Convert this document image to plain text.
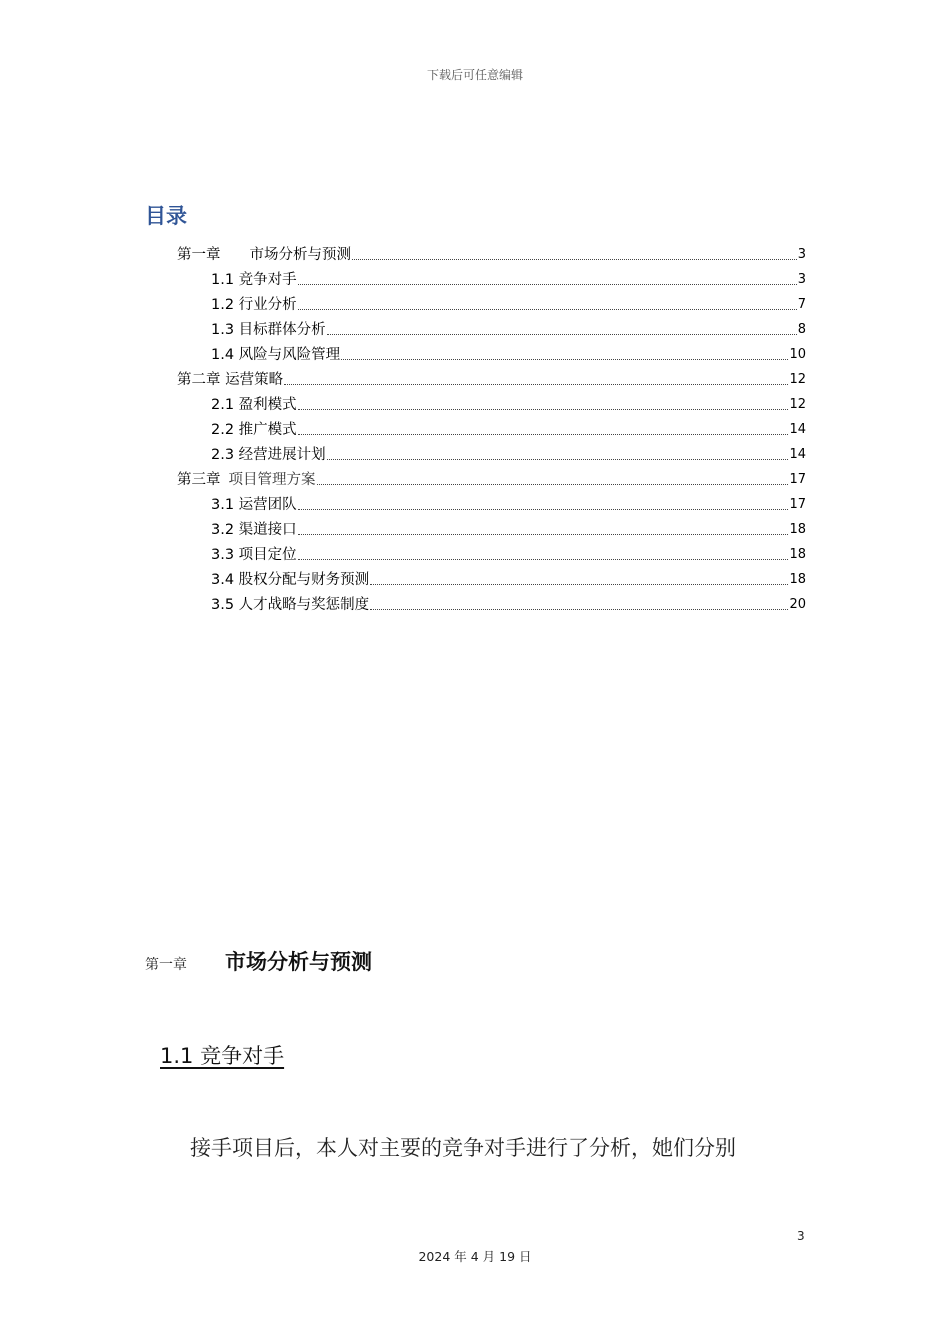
下载后可任意编辑
目录
第一章　　市场分析与预测	3
1.1 竞争对手	3
1.2 行业分析	7
1.3 目标群体分析	8
1.4 风险与风险管理	10
第二章 运营策略	12
2.1 盈利模式	12
2.2 推广模式	14
2.3 经营进展计划	14
第三章 项目管理方案	17
3.1 运营团队	17
3.2 渠道接口	18
3.3 项目定位	18
3.4 股权分配与财务预测	18
3.5 人才战略与奖惩制度	20
第一章 市场分析与预测
1.1 竞争对手
接手项目后，本人对主要的竞争对手进行了分析，她们分别
3
2024 年 4 月 19 日
